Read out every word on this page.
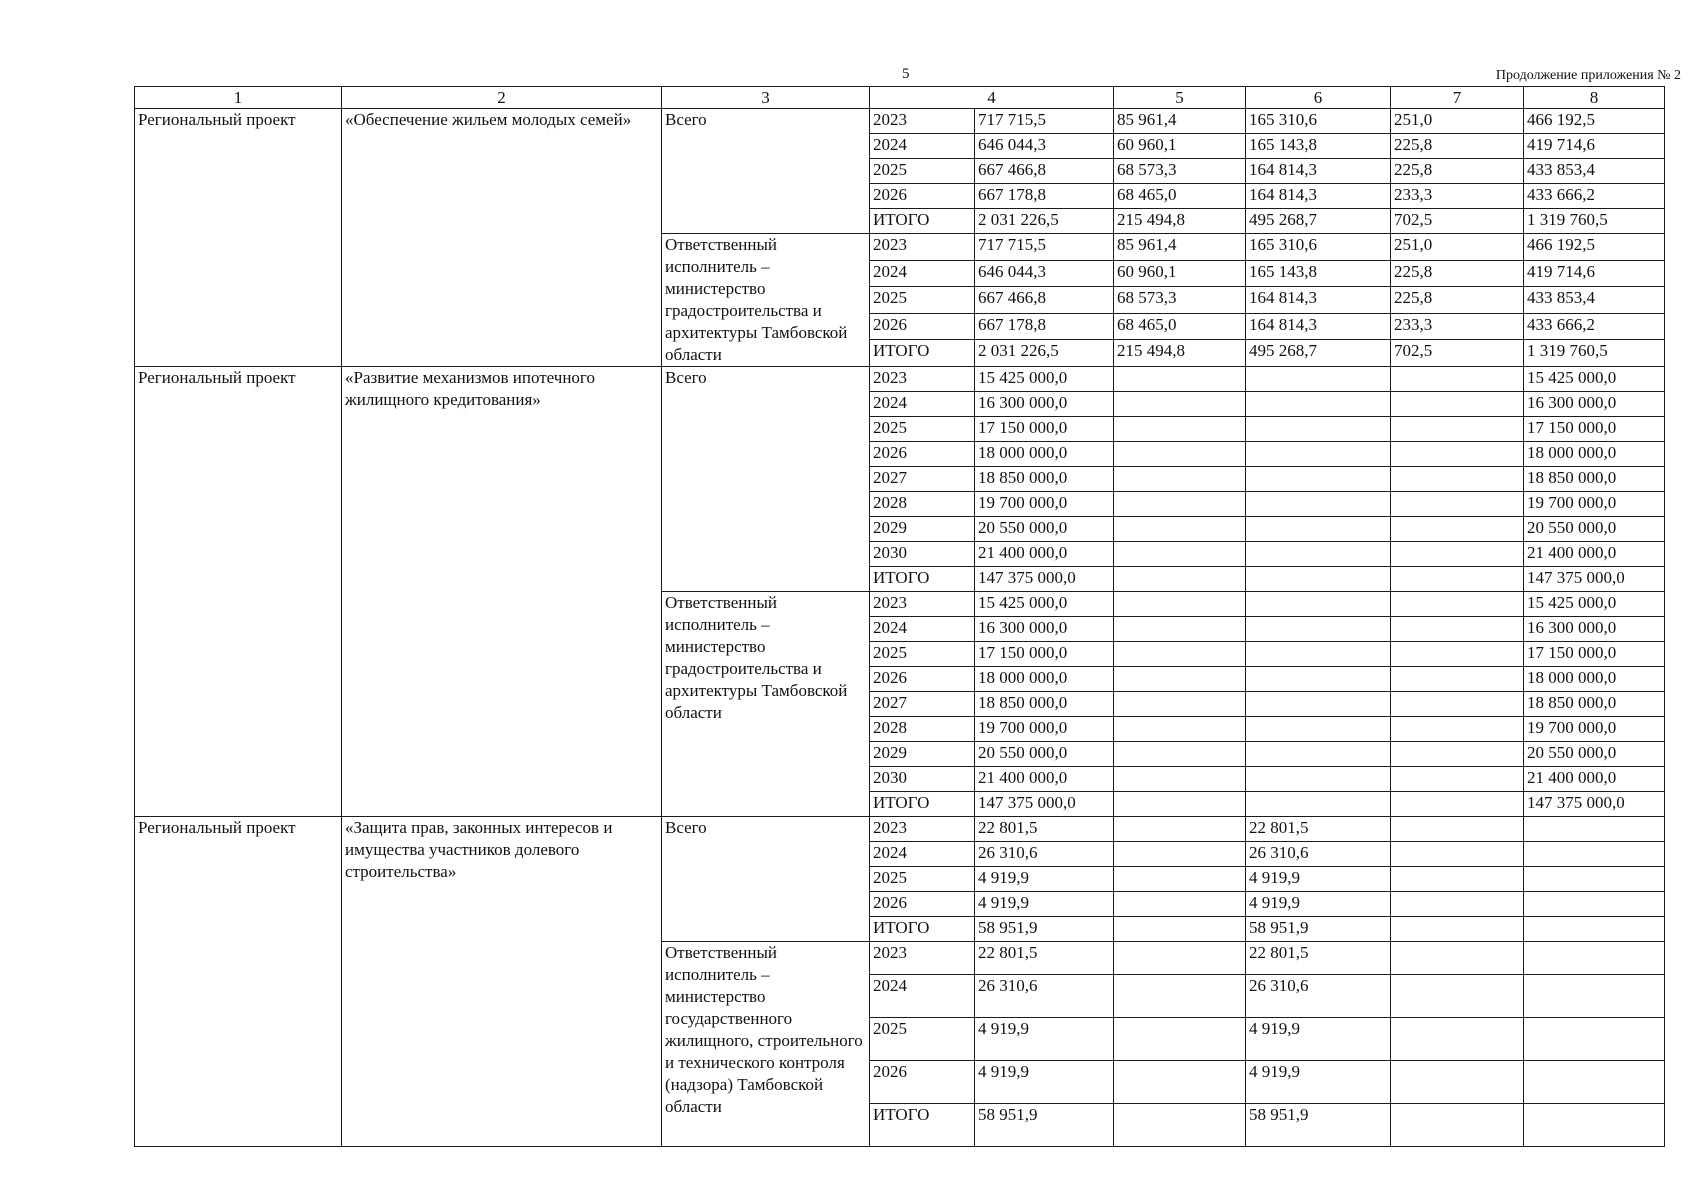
5	Продолжение приложения № 2
1	2	3	4		5	6	7	8
Региональный проект	«Обеспечение жильем молодых семей»	Всего	2023	717 715,5	85 961,4	165 310,6	251,0	466 192,5
			2024	646 044,3	60 960,1	165 143,8	225,8	419 714,6
			2025	667 466,8	68 573,3	164 814,3	225,8	433 853,4
			2026	667 178,8	68 465,0	164 814,3	233,3	433 666,2
			ИТОГО	2 031 226,5	215 494,8	495 268,7	702,5	1 319 760,5
		Ответственный исполнитель – министерство градостроительства и архитектуры Тамбовской области	2023	717 715,5	85 961,4	165 310,6	251,0	466 192,5
			2024	646 044,3	60 960,1	165 143,8	225,8	419 714,6
			2025	667 466,8	68 573,3	164 814,3	225,8	433 853,4
			2026	667 178,8	68 465,0	164 814,3	233,3	433 666,2
			ИТОГО	2 031 226,5	215 494,8	495 268,7	702,5	1 319 760,5
Региональный проект	«Развитие механизмов ипотечного жилищного кредитования»	Всего	2023	15 425 000,0				15 425 000,0
			2024	16 300 000,0				16 300 000,0
			2025	17 150 000,0				17 150 000,0
			2026	18 000 000,0				18 000 000,0
			2027	18 850 000,0				18 850 000,0
			2028	19 700 000,0				19 700 000,0
			2029	20 550 000,0				20 550 000,0
			2030	21 400 000,0				21 400 000,0
			ИТОГО	147 375 000,0				147 375 000,0
		Ответственный исполнитель – министерство градостроительства и архитектуры Тамбовской области	2023	15 425 000,0				15 425 000,0
			2024	16 300 000,0				16 300 000,0
			2025	17 150 000,0				17 150 000,0
			2026	18 000 000,0				18 000 000,0
			2027	18 850 000,0				18 850 000,0
			2028	19 700 000,0				19 700 000,0
			2029	20 550 000,0				20 550 000,0
			2030	21 400 000,0				21 400 000,0
			ИТОГО	147 375 000,0				147 375 000,0
Региональный проект	«Защита прав, законных интересов и имущества участников долевого строительства»	Всего	2023	22 801,5		22 801,5		
			2024	26 310,6		26 310,6		
			2025	4 919,9		4 919,9		
			2026	4 919,9		4 919,9		
			ИТОГО	58 951,9		58 951,9		
		Ответственный исполнитель – министерство государственного жилищного, строительного и технического контроля (надзора) Тамбовской области	2023	22 801,5		22 801,5		
			2024	26 310,6		26 310,6		
			2025	4 919,9		4 919,9		
			2026	4 919,9		4 919,9		
			ИТОГО	58 951,9		58 951,9		
